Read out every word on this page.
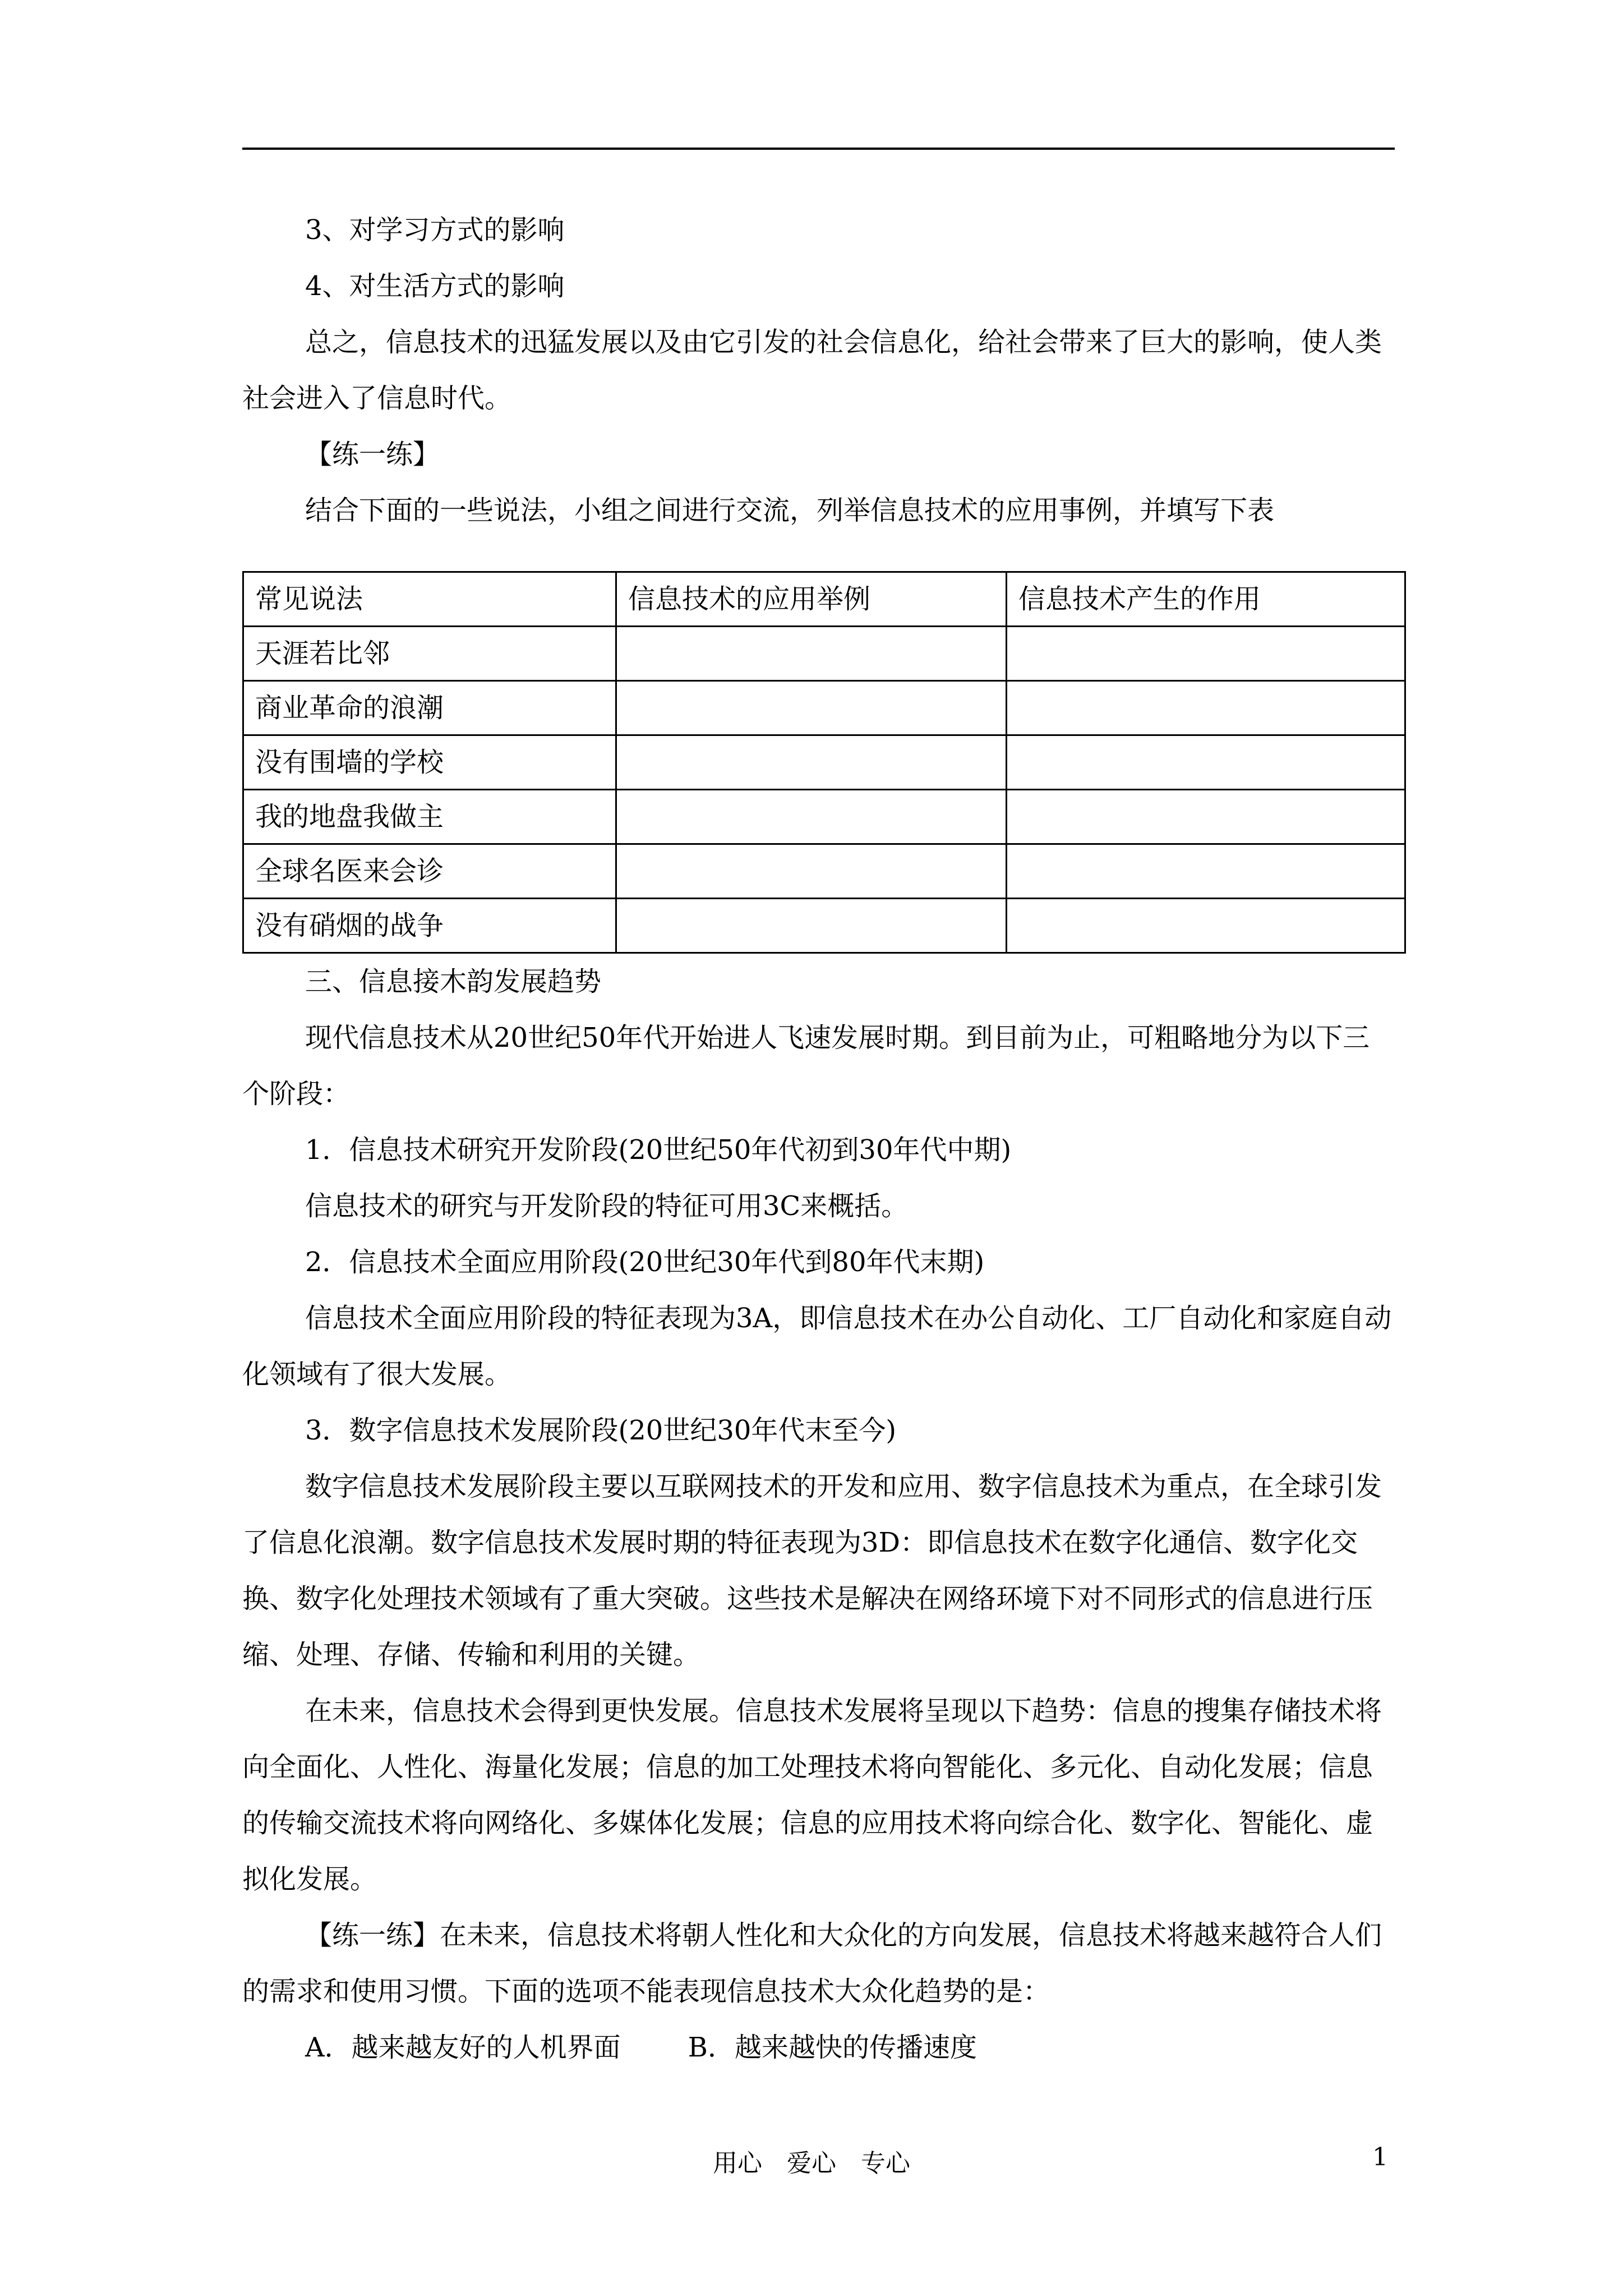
3、对学习方式的影响

4、对生活方式的影响

总之，信息技术的迅猛发展以及由它引发的社会信息化，给社会带来了巨大的影响，使人类社会进入了信息时代。

【练一练】

结合下面的一些说法，小组之间进行交流，列举信息技术的应用事例，并填写下表

常见说法	信息技术的应用举例	信息技术产生的作用
天涯若比邻		
商业革命的浪潮		
没有围墙的学校		
我的地盘我做主		
全球名医来会诊		
没有硝烟的战争		

三、信息接木韵发展趋势

现代信息技术从20世纪50年代开始进人飞速发展时期。到目前为止，可粗略地分为以下三个阶段：

1．信息技术研究开发阶段(20世纪50年代初到30年代中期)

信息技术的研究与开发阶段的特征可用3C来概括。

2．信息技术全面应用阶段(20世纪30年代到80年代末期)

信息技术全面应用阶段的特征表现为3A，即信息技术在办公自动化、工厂自动化和家庭自动化领域有了很大发展。

3．数字信息技术发展阶段(20世纪30年代末至今)

数字信息技术发展阶段主要以互联网技术的开发和应用、数字信息技术为重点，在全球引发了信息化浪潮。数字信息技术发展时期的特征表现为3D：即信息技术在数字化通信、数字化交换、数字化处理技术领域有了重大突破。这些技术是解决在网络环境下对不同形式的信息进行压缩、处理、存储、传输和利用的关键。

在未来，信息技术会得到更快发展。信息技术发展将呈现以下趋势：信息的搜集存储技术将向全面化、人性化、海量化发展；信息的加工处理技术将向智能化、多元化、自动化发展；信息的传输交流技术将向网络化、多媒体化发展；信息的应用技术将向综合化、数字化、智能化、虚拟化发展。

【练一练】在未来，信息技术将朝人性化和大众化的方向发展，信息技术将越来越符合人们的需求和使用习惯。下面的选项不能表现信息技术大众化趋势的是：

A．越来越友好的人机界面	B．越来越快的传播速度

用心　爱心　专心	1
